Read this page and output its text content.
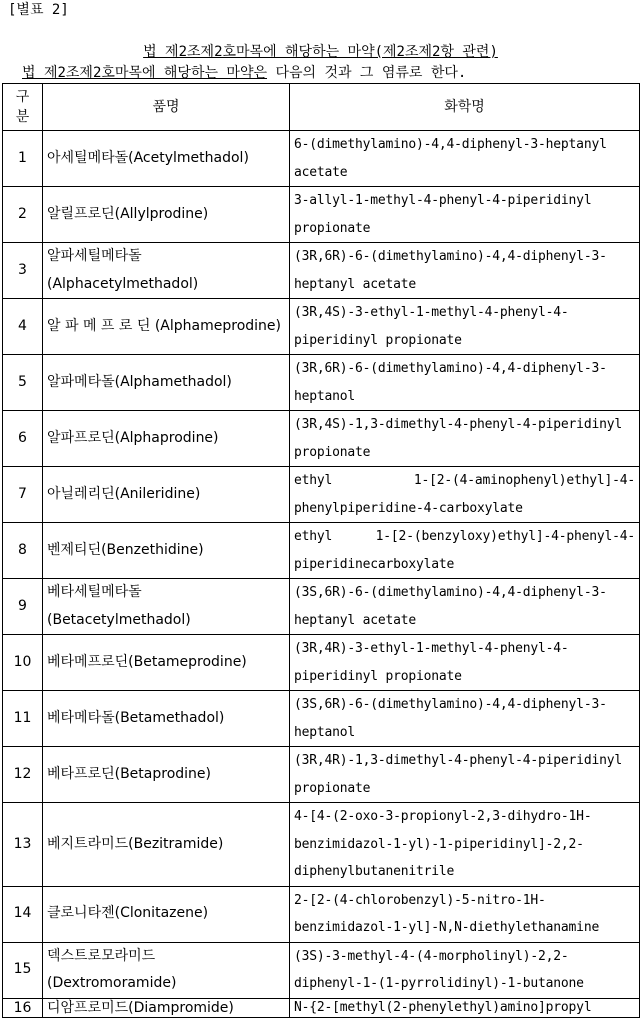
[별표 2]
법 제2조제2호마목에 해당하는 마약(제2조제2항 관련)
법 제2조제2호마목에 해당하는 마약은 다음의 것과 그 염류로 한다.
구
분	품명	화학명
1	아세틸메타돌(Acetylmethadol)	6-(dimethylamino)-4,4-diphenyl-3-heptanyl acetate
2	알릴프로딘(Allylprodine)	3-allyl-1-methyl-4-phenyl-4-piperidinyl propionate
3	알파세틸메타돌 (Alphacetylmethadol)	(3R,6R)-6-(dimethylamino)-4,4-diphenyl-3-heptanyl acetate
4	알 파 메 프 로 딘 (Alphameprodine)	(3R,4S)-3-ethyl-1-methyl-4-phenyl-4-piperidinyl propionate
5	알파메타돌(Alphamethadol)	(3R,6R)-6-(dimethylamino)-4,4-diphenyl-3-heptanol
6	알파프로딘(Alphaprodine)	(3R,4S)-1,3-dimethyl-4-phenyl-4-piperidinyl propionate
7	아닐레리딘(Anileridine)	ethyl 1-[2-(4-aminophenyl)ethyl]-4-phenylpiperidine-4-carboxylate
8	벤제티딘(Benzethidine)	ethyl 1-[2-(benzyloxy)ethyl]-4-phenyl-4-piperidinecarboxylate
9	베타세틸메타돌 (Betacetylmethadol)	(3S,6R)-6-(dimethylamino)-4,4-diphenyl-3-heptanyl acetate
10	베타메프로딘(Betameprodine)	(3R,4R)-3-ethyl-1-methyl-4-phenyl-4-piperidinyl propionate
11	베타메타돌(Betamethadol)	(3S,6R)-6-(dimethylamino)-4,4-diphenyl-3-heptanol
12	베타프로딘(Betaprodine)	(3R,4R)-1,3-dimethyl-4-phenyl-4-piperidinyl propionate
13	베지트라미드(Bezitramide)	4-[4-(2-oxo-3-propionyl-2,3-dihydro-1H-benzimidazol-1-yl)-1-piperidinyl]-2,2-diphenylbutanenitrile
14	클로니타젠(Clonitazene)	2-[2-(4-chlorobenzyl)-5-nitro-1H-benzimidazol-1-yl]-N,N-diethylethanamine
15	덱스트로모라미드 (Dextromoramide)	(3S)-3-methyl-4-(4-morpholinyl)-2,2-diphenyl-1-(1-pyrrolidinyl)-1-butanone
16	디암프로미드(Diampromide)	N-{2-[methyl(2-phenylethyl)amino]propyl
